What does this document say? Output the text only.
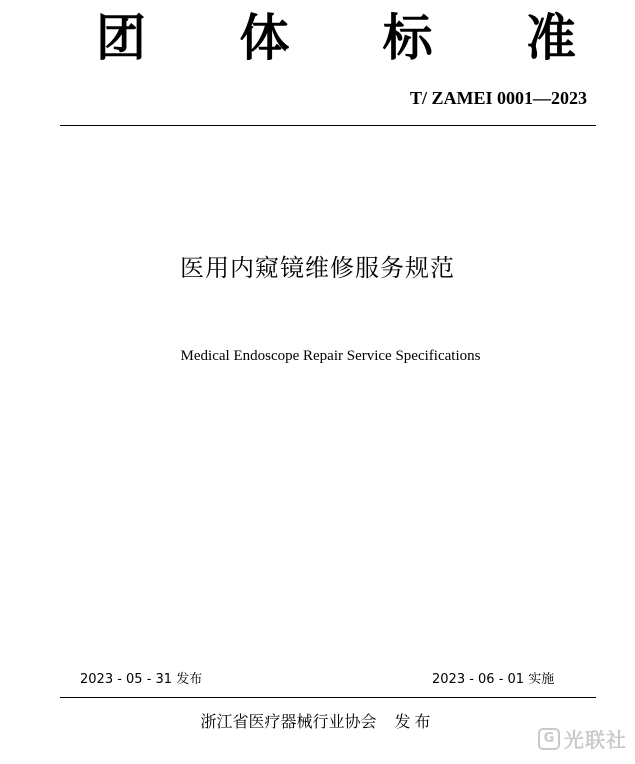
团 体 标 准
T/ ZAMEI 0001—2023
医用内窥镜维修服务规范
Medical Endoscope Repair Service Specifications
2023 - 05 - 31 发布	2023 - 06 - 01 实施
浙江省医疗器械行业协会 发布
G 光联社
